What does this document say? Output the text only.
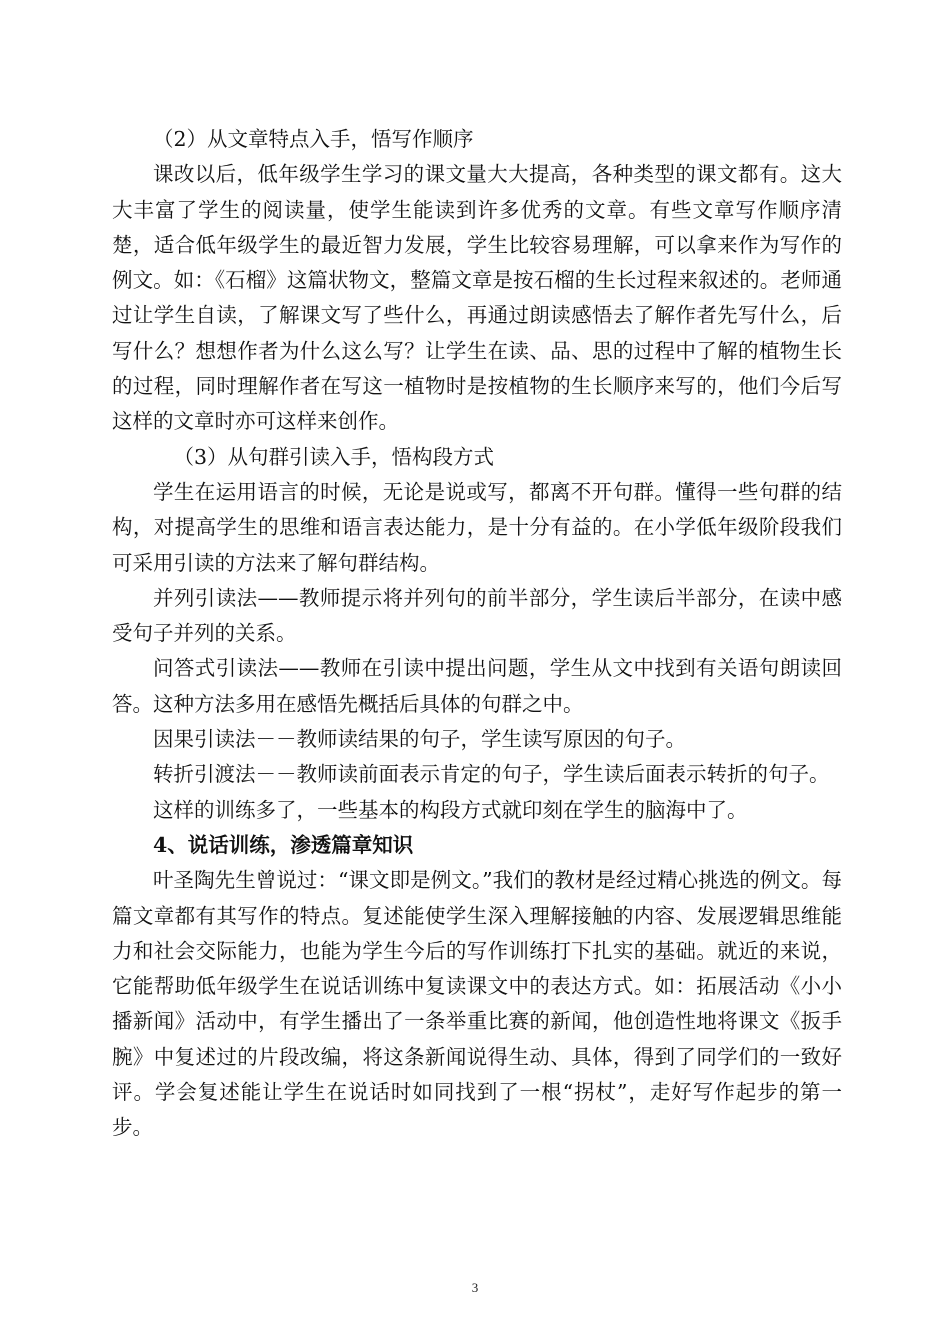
（2）从文章特点入手，悟写作顺序

课改以后，低年级学生学习的课文量大大提高，各种类型的课文都有。这大大丰富了学生的阅读量，使学生能读到许多优秀的文章。有些文章写作顺序清楚，适合低年级学生的最近智力发展，学生比较容易理解，可以拿来作为写作的例文。如：《石榴》这篇状物文，整篇文章是按石榴的生长过程来叙述的。老师通过让学生自读，了解课文写了些什么，再通过朗读感悟去了解作者先写什么，后写什么？想想作者为什么这么写？让学生在读、品、思的过程中了解的植物生长的过程，同时理解作者在写这一植物时是按植物的生长顺序来写的，他们今后写这样的文章时亦可这样来创作。

（3）从句群引读入手，悟构段方式

学生在运用语言的时候，无论是说或写，都离不开句群。懂得一些句群的结构，对提高学生的思维和语言表达能力，是十分有益的。在小学低年级阶段我们可采用引读的方法来了解句群结构。

并列引读法——教师提示将并列句的前半部分，学生读后半部分，在读中感受句子并列的关系。

问答式引读法——教师在引读中提出问题，学生从文中找到有关语句朗读回答。这种方法多用在感悟先概括后具体的句群之中。

因果引读法－－教师读结果的句子，学生读写原因的句子。

转折引渡法－－教师读前面表示肯定的句子，学生读后面表示转折的句子。

这样的训练多了，一些基本的构段方式就印刻在学生的脑海中了。

4、说话训练，渗透篇章知识

叶圣陶先生曾说过：“课文即是例文。”我们的教材是经过精心挑选的例文。每篇文章都有其写作的特点。复述能使学生深入理解接触的内容、发展逻辑思维能力和社会交际能力，也能为学生今后的写作训练打下扎实的基础。就近的来说，它能帮助低年级学生在说话训练中复读课文中的表达方式。如：拓展活动《小小播新闻》活动中，有学生播出了一条举重比赛的新闻，他创造性地将课文《扳手腕》中复述过的片段改编，将这条新闻说得生动、具体，得到了同学们的一致好评。学会复述能让学生在说话时如同找到了一根“拐杖”，走好写作起步的第一步。

3
